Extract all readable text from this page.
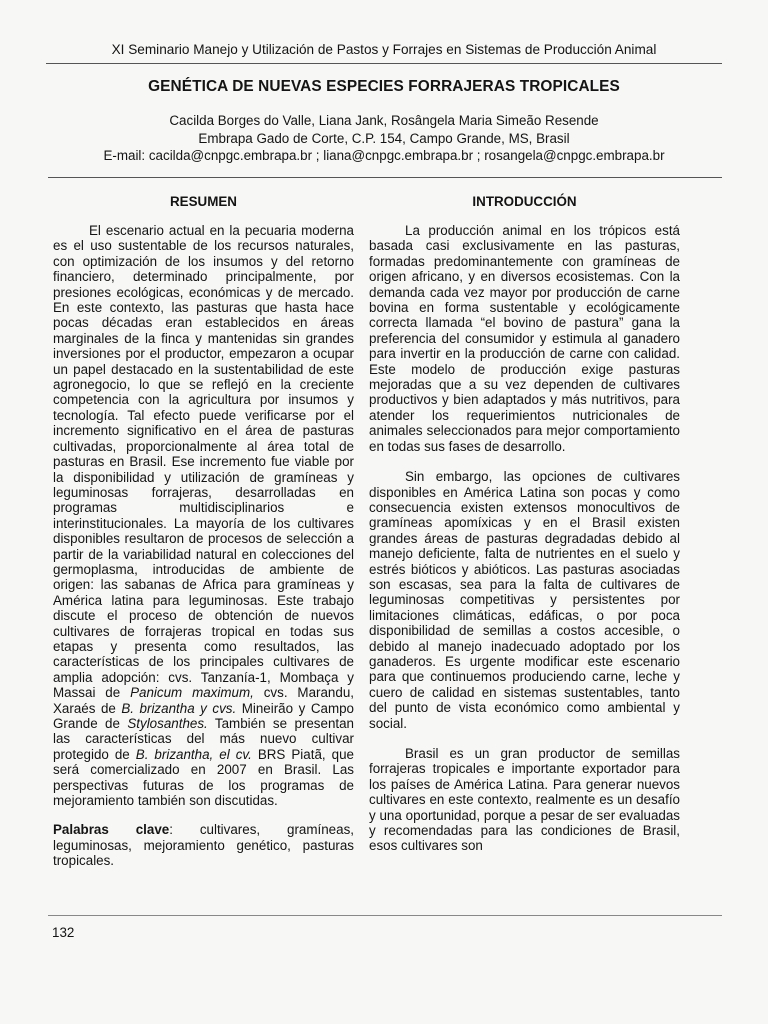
XI Seminario Manejo y Utilización de Pastos y Forrajes en Sistemas de Producción Animal
GENÉTICA DE NUEVAS ESPECIES FORRAJERAS TROPICALES
Cacilda Borges do Valle, Liana Jank, Rosângela Maria Simeão Resende
Embrapa Gado de Corte, C.P. 154, Campo Grande, MS, Brasil
E-mail: cacilda@cnpgc.embrapa.br ; liana@cnpgc.embrapa.br ; rosangela@cnpgc.embrapa.br
RESUMEN

El escenario actual en la pecuaria moderna es el uso sustentable de los recursos naturales, con optimización de los insumos y del retorno financiero, determinado principalmente, por presiones ecológicas, económicas y de mercado. En este contexto, las pasturas que hasta hace pocas décadas eran establecidos en áreas marginales de la finca y mantenidas sin grandes inversiones por el productor, empezaron a ocupar un papel destacado en la sustentabilidad de este agronegocio, lo que se reflejó en la creciente competencia con la agricultura por insumos y tecnología. Tal efecto puede verificarse por el incremento significativo en el área de pasturas cultivadas, proporcionalmente al área total de pasturas en Brasil. Ese incremento fue viable por la disponibilidad y utilización de gramíneas y leguminosas forrajeras, desarrolladas en programas multidisciplinarios e interinstitucionales. La mayoría de los cultivares disponibles resultaron de procesos de selección a partir de la variabilidad natural en colecciones del germoplasma, introducidas de ambiente de origen: las sabanas de Africa para gramíneas y América latina para leguminosas. Este trabajo discute el proceso de obtención de nuevos cultivares de forrajeras tropical en todas sus etapas y presenta como resultados, las características de los principales cultivares de amplia adopción: cvs. Tanzanía-1, Mombaça y Massai de Panicum maximum, cvs. Marandu, Xaraés de B. brizantha y cvs. Mineirão y Campo Grande de Stylosanthes. También se presentan las características del más nuevo cultivar protegido de B. brizantha, el cv. BRS Piatã, que será comercializado en 2007 en Brasil. Las perspectivas futuras de los programas de mejoramiento también son discutidas.

Palabras clave: cultivares, gramíneas, leguminosas, mejoramiento genético, pasturas tropicales.

INTRODUCCIÓN

La producción animal en los trópicos está basada casi exclusivamente en las pasturas, formadas predominantemente con gramíneas de origen africano, y en diversos ecosistemas. Con la demanda cada vez mayor por producción de carne bovina en forma sustentable y ecológicamente correcta llamada “el bovino de pastura” gana la preferencia del consumidor y estimula al ganadero para invertir en la producción de carne con calidad. Este modelo de producción exige pasturas mejoradas que a su vez dependen de cultivares productivos y bien adaptados y más nutritivos, para atender los requerimientos nutricionales de animales seleccionados para mejor comportamiento en todas sus fases de desarrollo.

Sin embargo, las opciones de cultivares disponibles en América Latina son pocas y como consecuencia existen extensos monocultivos de gramíneas apomíxicas y en el Brasil existen grandes áreas de pasturas degradadas debido al manejo deficiente, falta de nutrientes en el suelo y estrés bióticos y abióticos. Las pasturas asociadas son escasas, sea para la falta de cultivares de leguminosas competitivas y persistentes por limitaciones climáticas, edáficas, o por poca disponibilidad de semillas a costos accesible, o debido al manejo inadecuado adoptado por los ganaderos. Es urgente modificar este escenario para que continuemos produciendo carne, leche y cuero de calidad en sistemas sustentables, tanto del punto de vista económico como ambiental y social.

Brasil es un gran productor de semillas forrajeras tropicales e importante exportador para los países de América Latina. Para generar nuevos cultivares en este contexto, realmente es un desafío y una oportunidad, porque a pesar de ser evaluadas y recomendadas para las condiciones de Brasil, esos cultivares son

132
